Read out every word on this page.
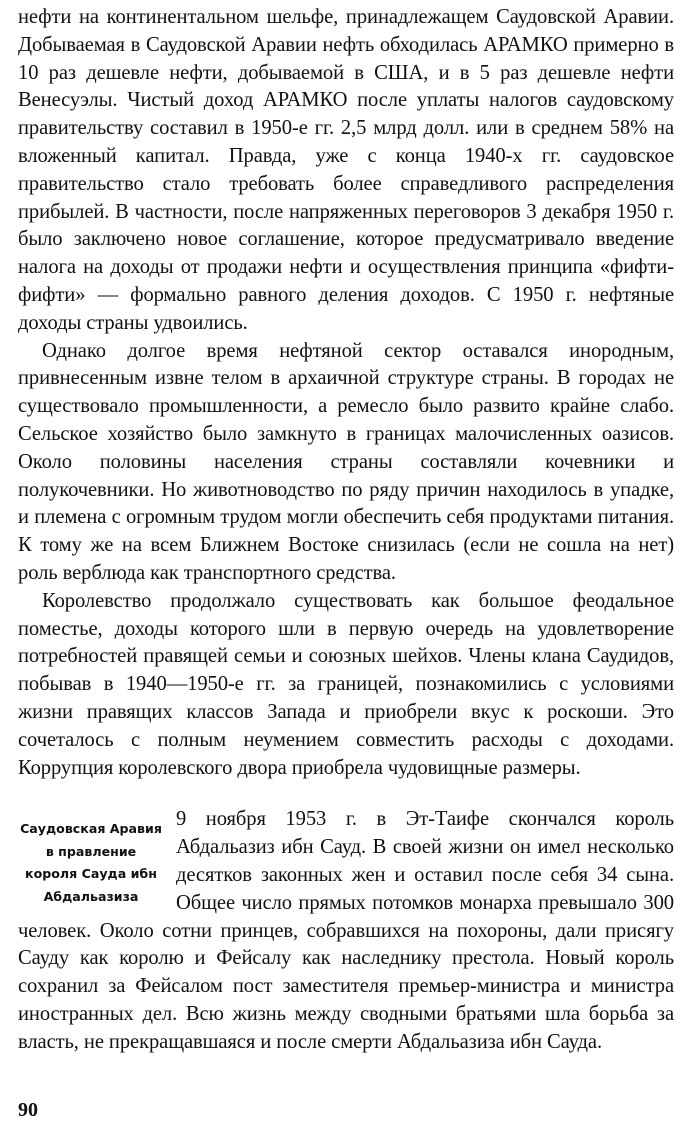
нефти на континентальном шельфе, принадлежащем Саудовской Аравии. Добываемая в Саудовской Аравии нефть обходилась АРАМКО примерно в 10 раз дешевле нефти, добываемой в США, и в 5 раз дешевле нефти Венесуэлы. Чистый доход АРАМКО после уплаты налогов саудовскому правительству составил в 1950-е гг. 2,5 млрд долл. или в среднем 58% на вложенный капитал. Правда, уже с конца 1940-х гг. саудовское правительство стало требовать более справедливого распределения прибылей. В частности, после напряженных переговоров 3 декабря 1950 г. было заключено новое соглашение, которое предусматривало введение налога на доходы от продажи нефти и осуществления принципа «фифти-фифти» — формально равного деления доходов. С 1950 г. нефтяные доходы страны удвоились.

Однако долгое время нефтяной сектор оставался инородным, привнесенным извне телом в архаичной структуре страны. В городах не существовало промышленности, а ремесло было развито крайне слабо. Сельское хозяйство было замкнуто в границах малочисленных оазисов. Около половины населения страны составляли кочевники и полукочевники. Но животноводство по ряду причин находилось в упадке, и племена с огромным трудом могли обеспечить себя продуктами питания. К тому же на всем Ближнем Востоке снизилась (если не сошла на нет) роль верблюда как транспортного средства.

Королевство продолжало существовать как большое феодальное поместье, доходы которого шли в первую очередь на удовлетворение потребностей правящей семьи и союзных шейхов. Члены клана Саудидов, побывав в 1940—1950-е гг. за границей, познакомились с условиями жизни правящих классов Запада и приобрели вкус к роскоши. Это сочеталось с полным неумением совместить расходы с доходами. Коррупция королевского двора приобрела чудовищные размеры.

Саудовская Аравия в правление короля Сауда ибн Абдальазиза

9 ноября 1953 г. в Эт-Таифе скончался король Абдальазиз ибн Сауд. В своей жизни он имел несколько десятков законных жен и оставил после себя 34 сына. Общее число прямых потомков монарха превышало 300 человек. Около сотни принцев, собравшихся на похороны, дали присягу Сауду как королю и Фейсалу как наследнику престола. Новый король сохранил за Фейсалом пост заместителя премьер-министра и министра иностранных дел. Всю жизнь между сводными братьями шла борьба за власть, не прекращавшаяся и после смерти Абдальазиза ибн Сауда.

90
